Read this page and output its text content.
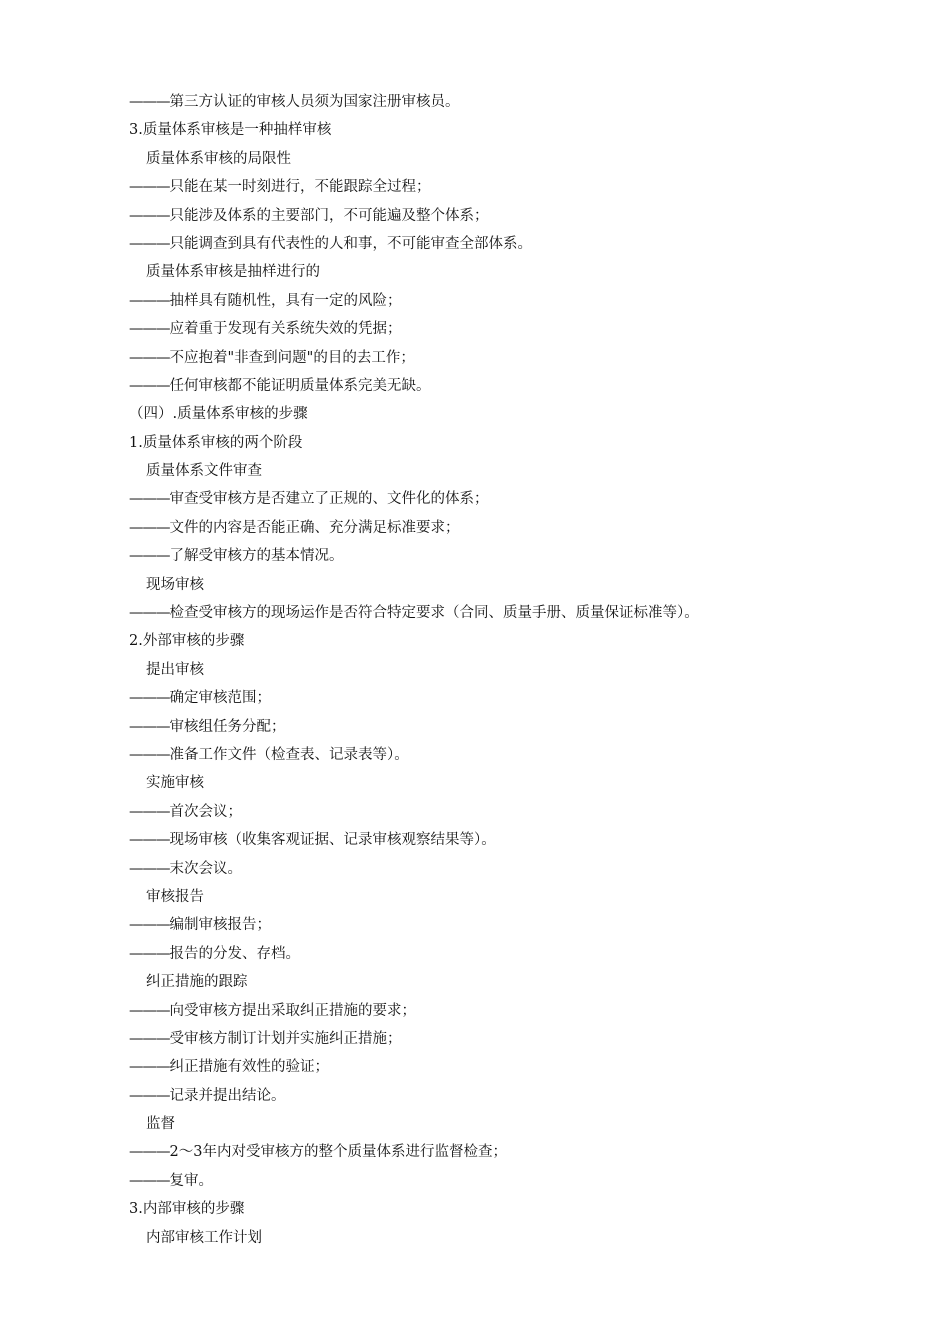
———第三方认证的审核人员须为国家注册审核员。
3.质量体系审核是一种抽样审核
质量体系审核的局限性
———只能在某一时刻进行，不能跟踪全过程；
———只能涉及体系的主要部门，不可能遍及整个体系；
———只能调查到具有代表性的人和事，不可能审查全部体系。
质量体系审核是抽样进行的
———抽样具有随机性，具有一定的风险；
———应着重于发现有关系统失效的凭据；
———不应抱着"非查到问题"的目的去工作；
———任何审核都不能证明质量体系完美无缺。
（四）.质量体系审核的步骤
1.质量体系审核的两个阶段
质量体系文件审查
———审查受审核方是否建立了正规的、文件化的体系；
———文件的内容是否能正确、充分满足标准要求；
———了解受审核方的基本情况。
现场审核
———检查受审核方的现场运作是否符合特定要求（合同、质量手册、质量保证标准等）。
2.外部审核的步骤
提出审核
———确定审核范围；
———审核组任务分配；
———准备工作文件（检查表、记录表等）。
实施审核
———首次会议；
———现场审核（收集客观证据、记录审核观察结果等）。
———末次会议。
审核报告
———编制审核报告；
———报告的分发、存档。
纠正措施的跟踪
———向受审核方提出采取纠正措施的要求；
———受审核方制订计划并实施纠正措施；
———纠正措施有效性的验证；
———记录并提出结论。
监督
———2～3年内对受审核方的整个质量体系进行监督检查；
———复审。
3.内部审核的步骤
内部审核工作计划
